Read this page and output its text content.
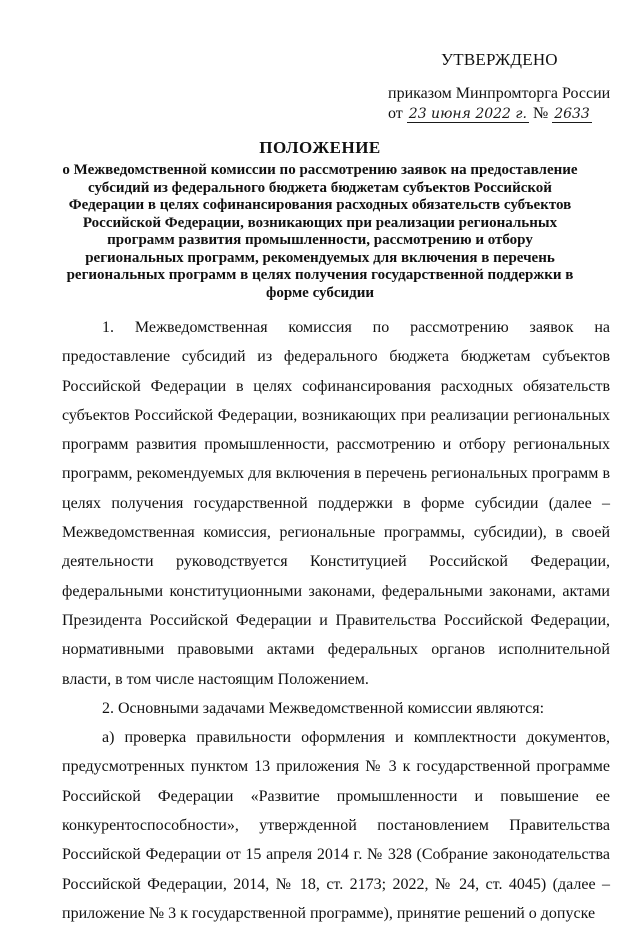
УТВЕРЖДЕНО
приказом Минпромторга России
от 23 июня 2022 г. № 2633
ПОЛОЖЕНИЕ
о Межведомственной комиссии по рассмотрению заявок на предоставление субсидий из федерального бюджета бюджетам субъектов Российской Федерации в целях софинансирования расходных обязательств субъектов Российской Федерации, возникающих при реализации региональных программ развития промышленности, рассмотрению и отбору региональных программ, рекомендуемых для включения в перечень региональных программ в целях получения государственной поддержки в форме субсидии

1. Межведомственная комиссия по рассмотрению заявок на предоставление субсидий из федерального бюджета бюджетам субъектов Российской Федерации в целях софинансирования расходных обязательств субъектов Российской Федерации, возникающих при реализации региональных программ развития промышленности, рассмотрению и отбору региональных программ, рекомендуемых для включения в перечень региональных программ в целях получения государственной поддержки в форме субсидии (далее – Межведомственная комиссия, региональные программы, субсидии), в своей деятельности руководствуется Конституцией Российской Федерации, федеральными конституционными законами, федеральными законами, актами Президента Российской Федерации и Правительства Российской Федерации, нормативными правовыми актами федеральных органов исполнительной власти, в том числе настоящим Положением.

2. Основными задачами Межведомственной комиссии являются:

а) проверка правильности оформления и комплектности документов, предусмотренных пунктом 13 приложения № 3 к государственной программе Российской Федерации «Развитие промышленности и повышение ее конкурентоспособности», утвержденной постановлением Правительства Российской Федерации от 15 апреля 2014 г. № 328 (Собрание законодательства Российской Федерации, 2014, № 18, ст. 2173; 2022, № 24, ст. 4045) (далее – приложение № 3 к государственной программе), принятие решений о допуске
